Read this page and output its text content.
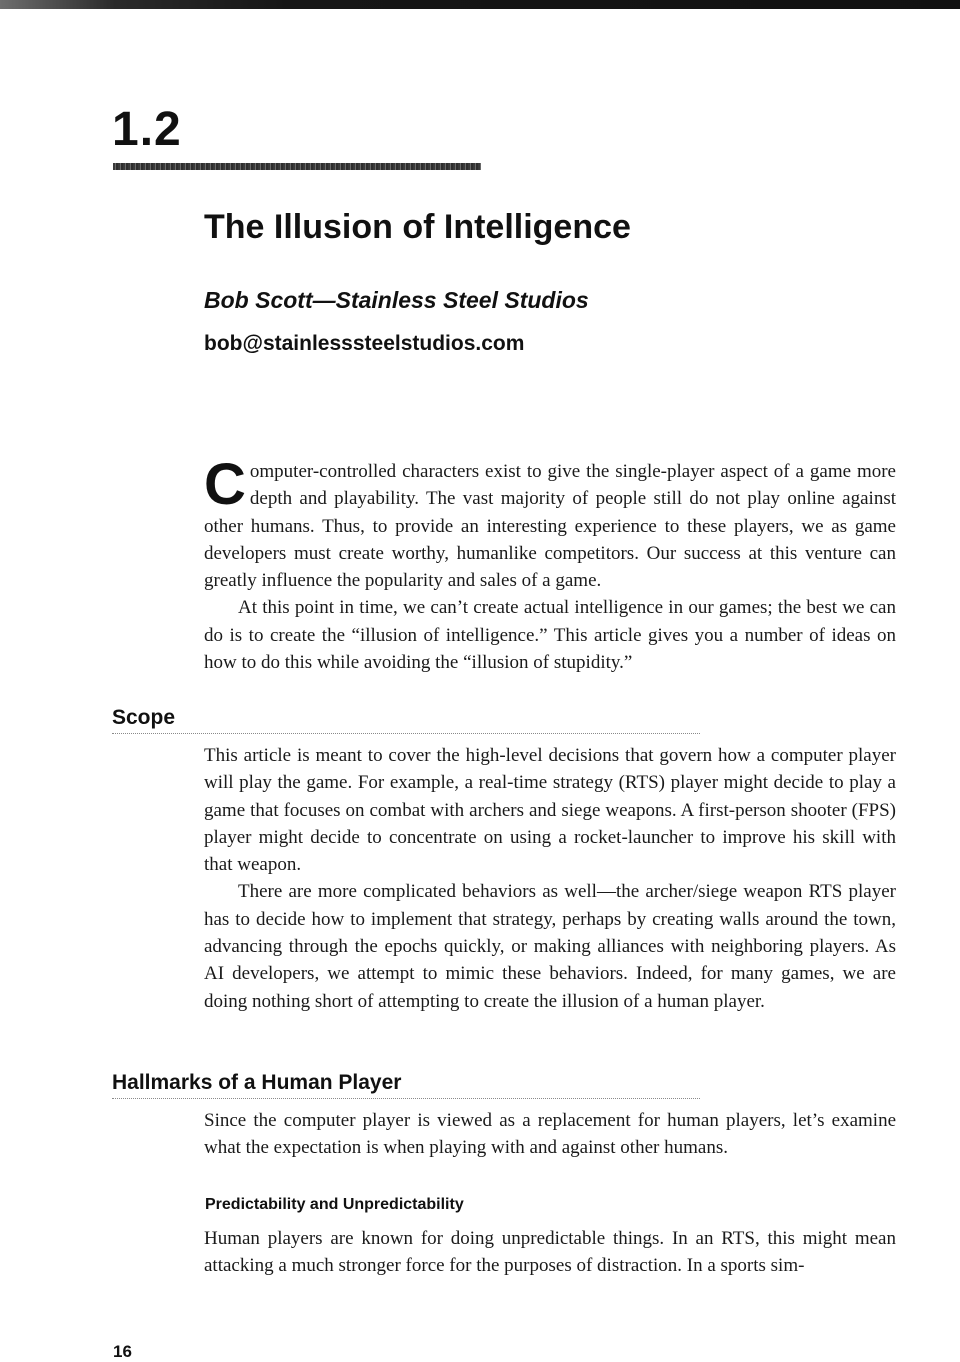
1.2
The Illusion of Intelligence
Bob Scott—Stainless Steel Studios
bob@stainlesssteelstudios.com

Computer-controlled characters exist to give the single-player aspect of a game more depth and playability. The vast majority of people still do not play online against other humans. Thus, to provide an interesting experience to these players, we as game developers must create worthy, humanlike competitors. Our success at this venture can greatly influence the popularity and sales of a game.

At this point in time, we can’t create actual intelligence in our games; the best we can do is to create the “illusion of intelligence.” This article gives you a number of ideas on how to do this while avoiding the “illusion of stupidity.”

Scope

This article is meant to cover the high-level decisions that govern how a computer player will play the game. For example, a real-time strategy (RTS) player might decide to play a game that focuses on combat with archers and siege weapons. A first-person shooter (FPS) player might decide to concentrate on using a rocket-launcher to improve his skill with that weapon.

There are more complicated behaviors as well—the archer/siege weapon RTS player has to decide how to implement that strategy, perhaps by creating walls around the town, advancing through the epochs quickly, or making alliances with neighboring players. As AI developers, we attempt to mimic these behaviors. Indeed, for many games, we are doing nothing short of attempting to create the illusion of a human player.

Hallmarks of a Human Player

Since the computer player is viewed as a replacement for human players, let’s examine what the expectation is when playing with and against other humans.

Predictability and Unpredictability

Human players are known for doing unpredictable things. In an RTS, this might mean attacking a much stronger force for the purposes of distraction. In a sports sim-

16
